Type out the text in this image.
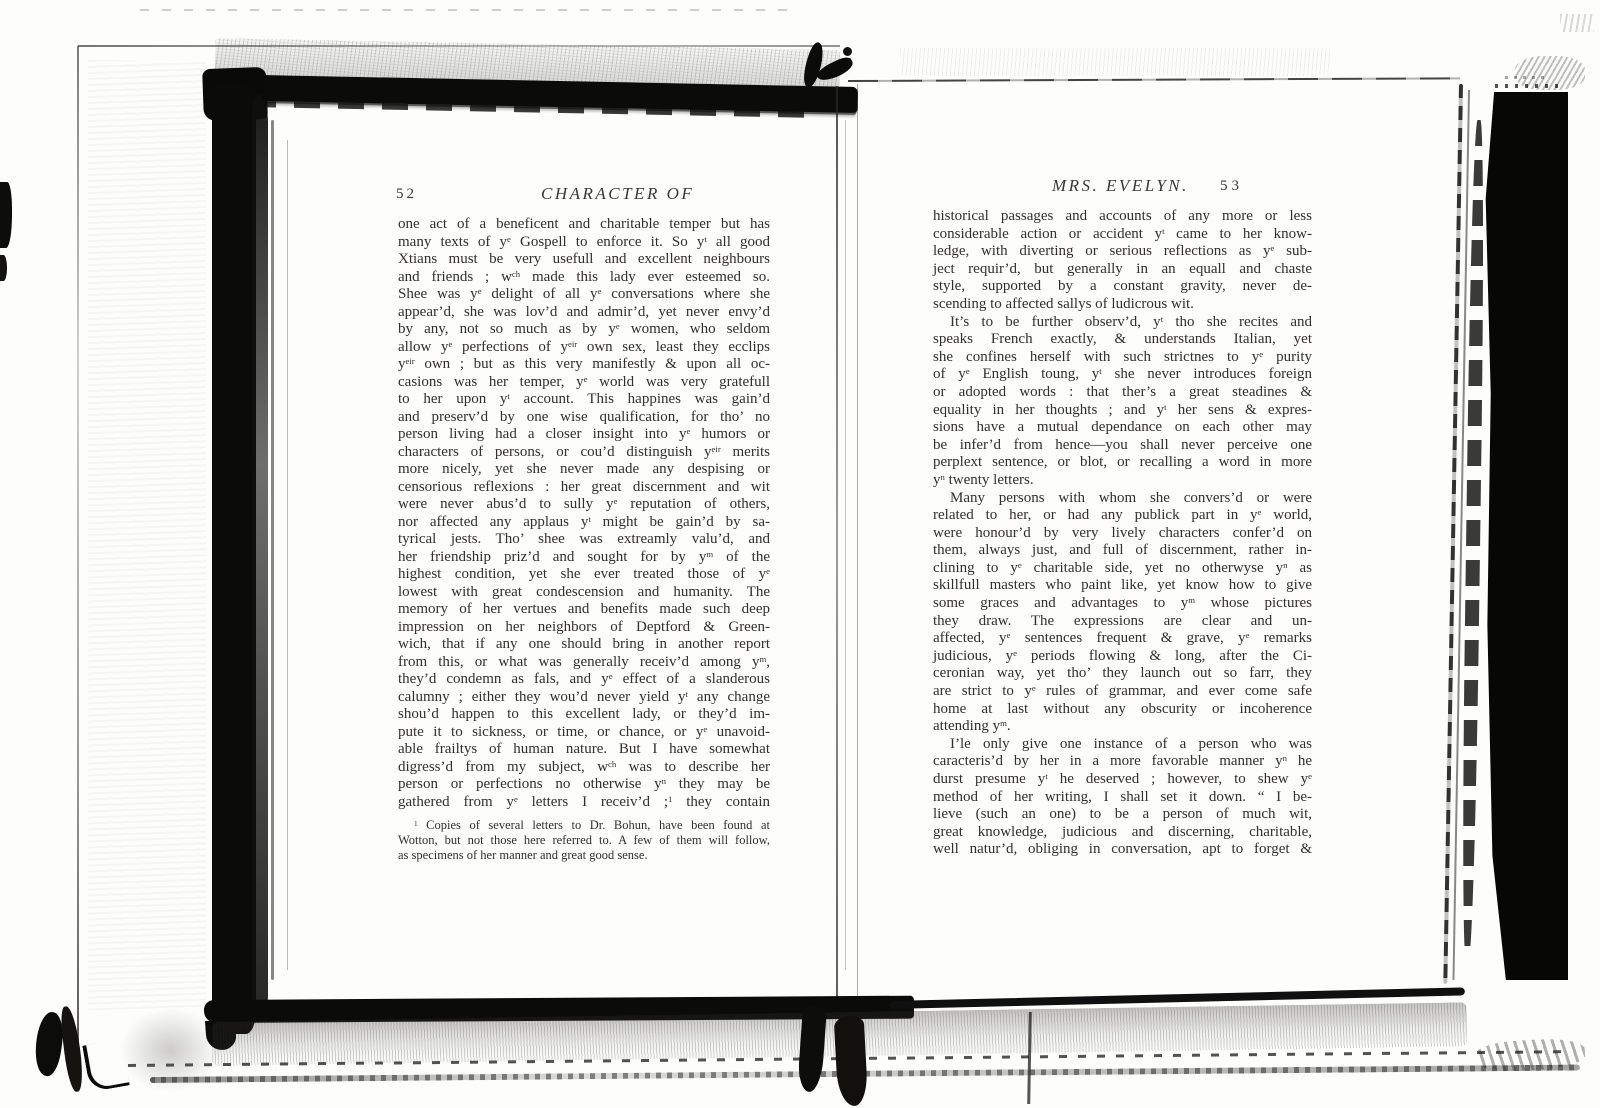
52	CHARACTER OF
one act of a beneficent and charitable temper but has
many texts of $y^e$ Gospell to enforce it. So $y^t$ all good
Xtians must be very usefull and excellent neighbours
and friends ; $w^{ch}$ made this lady ever esteemed so.
Shee was $y^e$ delight of all $y^e$ conversations where she
appear’d, she was lov’d and admir’d, yet never envy’d
by any, not so much as by $y^e$ women, who seldom
allow $y^e$ perfections of $y^{eir}$ own sex, least they ecclips
$y^{eir}$ own ; but as this very manifestly & upon all oc-
casions was her temper, $y^e$ world was very gratefull
to her upon $y^t$ account. This happines was gain’d
and preserv’d by one wise qualification, for tho’ no
person living had a closer insight into $y^e$ humors or
characters of persons, or cou’d distinguish $y^{eir}$ merits
more nicely, yet she never made any despising or
censorious reflexions : her great discernment and wit
were never abus’d to sully $y^e$ reputation of others,
nor affected any applaus $y^t$ might be gain’d by sa-
tyrical jests. Tho’ shee was extreamly valu’d, and
her friendship priz’d and sought for by $y^m$ of the
highest condition, yet she ever treated those of $y^e$
lowest with great condescension and humanity. The
memory of her vertues and benefits made such deep
impression on her neighbors of Deptford & Green-
wich, that if any one should bring in another report
from this, or what was generally receiv’d among $y^m$,
they’d condemn as fals, and $y^e$ effect of a slanderous
calumny ; either they wou’d never yield $y^t$ any change
shou’d happen to this excellent lady, or they’d im-
pute it to sickness, or time, or chance, or $y^e$ unavoid-
able frailtys of human nature. But I have somewhat
digress’d from my subject, $w^{ch}$ was to describe her
person or perfections no otherwise $y^n$ they may be
gathered from $y^e$ letters I receiv’d ;$^1$ they contain
$^1$ Copies of several letters to Dr. Bohun, have been found at
Wotton, but not those here referred to. A few of them will follow,
as specimens of her manner and great good sense.
MRS. EVELYN. 53
historical passages and accounts of any more or less
considerable action or accident $y^t$ came to her know-
ledge, with diverting or serious reflections as $y^e$ sub-
ject requir’d, but generally in an equall and chaste
style, supported by a constant gravity, never de-
scending to affected sallys of ludicrous wit.
It’s to be further observ’d, $y^t$ tho she recites and
speaks French exactly, & understands Italian, yet
she confines herself with such strictnes to $y^e$ purity
of $y^e$ English toung, $y^t$ she never introduces foreign
or adopted words : that ther’s a great steadines &
equality in her thoughts ; and $y^t$ her sens & expres-
sions have a mutual dependance on each other may
be infer’d from hence—you shall never perceive one
perplext sentence, or blot, or recalling a word in more
$y^n$ twenty letters.
Many persons with whom she convers’d or were
related to her, or had any publick part in $y^e$ world,
were honour’d by very lively characters confer’d on
them, always just, and full of discernment, rather in-
clining to $y^e$ charitable side, yet no otherwyse $y^n$ as
skillfull masters who paint like, yet know how to give
some graces and advantages to $y^m$ whose pictures
they draw. The expressions are clear and un-
affected, $y^e$ sentences frequent & grave, $y^e$ remarks
judicious, $y^e$ periods flowing & long, after the Ci-
ceronian way, yet tho’ they launch out so farr, they
are strict to $y^e$ rules of grammar, and ever come safe
home at last without any obscurity or incoherence
attending $y^m$.
I’le only give one instance of a person who was
caracteris’d by her in a more favorable manner $y^n$ he
durst presume $y^t$ he deserved ; however, to shew $y^e$
method of her writing, I shall set it down. “ I be-
lieve (such an one) to be a person of much wit,
great knowledge, judicious and discerning, charitable,
well natur’d, obliging in conversation, apt to forget &
